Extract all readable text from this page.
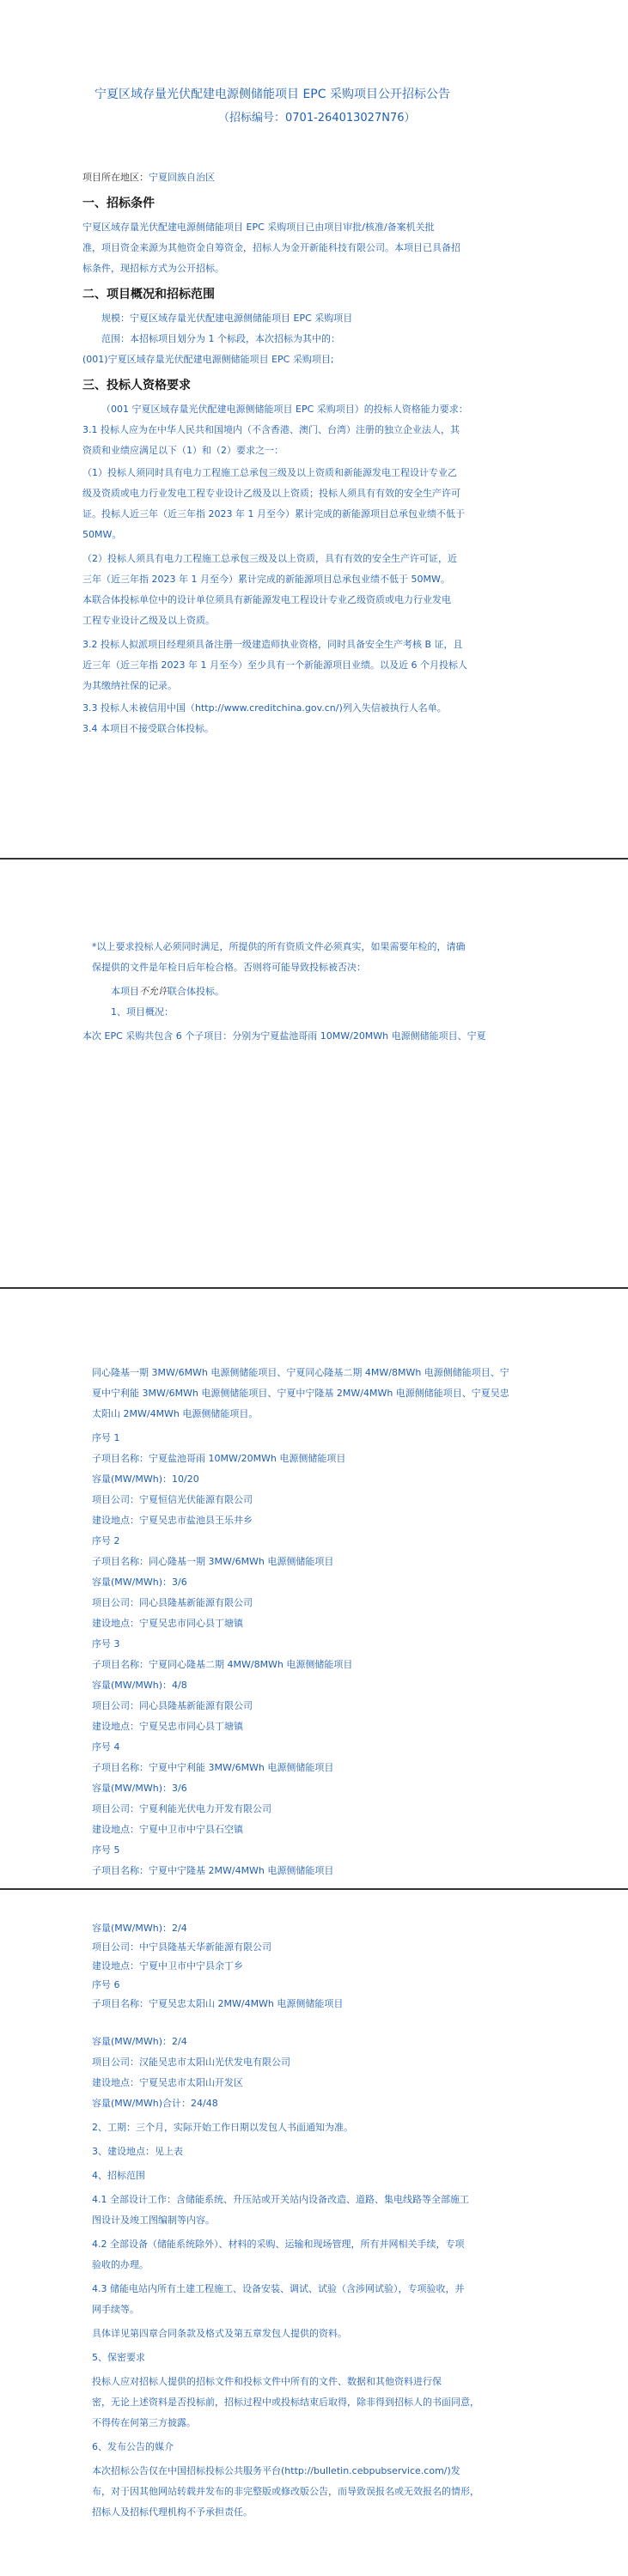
宁夏区域存量光伏配建电源侧储能项目 EPC 采购项目公开招标公告
（招标编号：0701-264013027N76）
项目所在地区：宁夏回族自治区
一、招标条件
宁夏区域存量光伏配建电源侧储能项目 EPC 采购项目已由项目审批/核准/备案机关批
准，项目资金来源为其他资金自筹资金，招标人为金开新能科技有限公司。本项目已具备招
标条件，现招标方式为公开招标。
二、项目概况和招标范围
规模：宁夏区域存量光伏配建电源侧储能项目 EPC 采购项目
范围：本招标项目划分为 1 个标段，本次招标为其中的：
(001)宁夏区域存量光伏配建电源侧储能项目 EPC 采购项目;
三、投标人资格要求
（001 宁夏区域存量光伏配建电源侧储能项目 EPC 采购项目）的投标人资格能力要求：
3.1 投标人应为在中华人民共和国境内（不含香港、澳门、台湾）注册的独立企业法人，其
资质和业绩应满足以下（1）和（2）要求之一：
（1）投标人须同时具有电力工程施工总承包三级及以上资质和新能源发电工程设计专业乙
级及资质或电力行业发电工程专业设计乙级及以上资质；投标人须具有有效的安全生产许可
证。投标人近三年（近三年指 2023 年 1 月至今）累计完成的新能源项目总承包业绩不低于
50MW。
（2）投标人须具有电力工程施工总承包三级及以上资质，具有有效的安全生产许可证，近
三年（近三年指 2023 年 1 月至今）累计完成的新能源项目总承包业绩不低于 50MW。
本联合体投标单位中的设计单位须具有新能源发电工程设计专业乙级资质或电力行业发电
工程专业设计乙级及以上资质。
3.2 投标人拟派项目经理须具备注册一级建造师执业资格，同时具备安全生产考核 B 证，且
近三年（近三年指 2023 年 1 月至今）至少具有一个新能源项目业绩。以及近 6 个月投标人
为其缴纳社保的记录。
3.3 投标人未被信用中国（http://www.creditchina.gov.cn/)列入失信被执行人名单。
3.4 本项目不接受联合体投标。
*以上要求投标人必须同时满足，所提供的所有资质文件必须真实，如果需要年检的，请确
保提供的文件是年检日后年检合格。否则将可能导致投标被否决：
本项目不允许联合体投标。
1、项目概况：
本次 EPC 采购共包含 6 个子项目：分别为宁夏盐池哥雨 10MW/20MWh 电源侧储能项目、宁夏
同心隆基一期 3MW/6MWh 电源侧储能项目、宁夏同心隆基二期 4MW/8MWh 电源侧储能项目、宁
夏中宁利能 3MW/6MWh 电源侧储能项目、宁夏中宁隆基 2MW/4MWh 电源侧储能项目、宁夏吴忠
太阳山 2MW/4MWh 电源侧储能项目。
序号 1
子项目名称：宁夏盐池哥雨 10MW/20MWh 电源侧储能项目
容量(MW/MWh)：10/20
项目公司：宁夏恒信光伏能源有限公司
建设地点：宁夏吴忠市盐池县王乐井乡
序号 2
子项目名称：同心隆基一期 3MW/6MWh 电源侧储能项目
容量(MW/MWh)：3/6
项目公司：同心县隆基新能源有限公司
建设地点：宁夏吴忠市同心县丁塘镇
序号 3
子项目名称：宁夏同心隆基二期 4MW/8MWh 电源侧储能项目
容量(MW/MWh)：4/8
项目公司：同心县隆基新能源有限公司
建设地点：宁夏吴忠市同心县丁塘镇
序号 4
子项目名称：宁夏中宁利能 3MW/6MWh 电源侧储能项目
容量(MW/MWh)：3/6
项目公司：宁夏利能光伏电力开发有限公司
建设地点：宁夏中卫市中宁县石空镇
序号 5
子项目名称：宁夏中宁隆基 2MW/4MWh 电源侧储能项目
容量(MW/MWh)：2/4
项目公司：中宁县隆基天华新能源有限公司
建设地点：宁夏中卫市中宁县余丁乡
序号 6
子项目名称：宁夏吴忠太阳山 2MW/4MWh 电源侧储能项目
容量(MW/MWh)：2/4
项目公司：汉能吴忠市太阳山光伏发电有限公司
建设地点：宁夏吴忠市太阳山开发区
容量(MW/MWh)合计：24/48
2、工期：三个月，实际开始工作日期以发包人书面通知为准。
3、建设地点：见上表
4、招标范围
4.1 全部设计工作：含储能系统、升压站或开关站内设备改造、道路、集电线路等全部施工
图设计及竣工图编制等内容。
4.2 全部设备（储能系统除外）、材料的采购、运输和现场管理，所有并网相关手续，专项
验收的办理。
4.3 储能电站内所有土建工程施工、设备安装、调试、试验（含涉网试验），专项验收，并
网手续等。
具体详见第四章合同条款及格式及第五章发包人提供的资料。
5、保密要求
投标人应对招标人提供的招标文件和投标文件中所有的文件、数据和其他资料进行保
密，无论上述资料是否投标前，招标过程中或投标结束后取得，除非得到招标人的书面同意，
不得传在何第三方披露。
6、发布公告的媒介
本次招标公告仅在中国招标投标公共服务平台(http://bulletin.cebpubservice.com/)发
布，对于因其他网站转载并发布的非完整版或修改版公告，而导致误报名或无效报名的情形，
招标人及招标代理机构不予承担责任。
